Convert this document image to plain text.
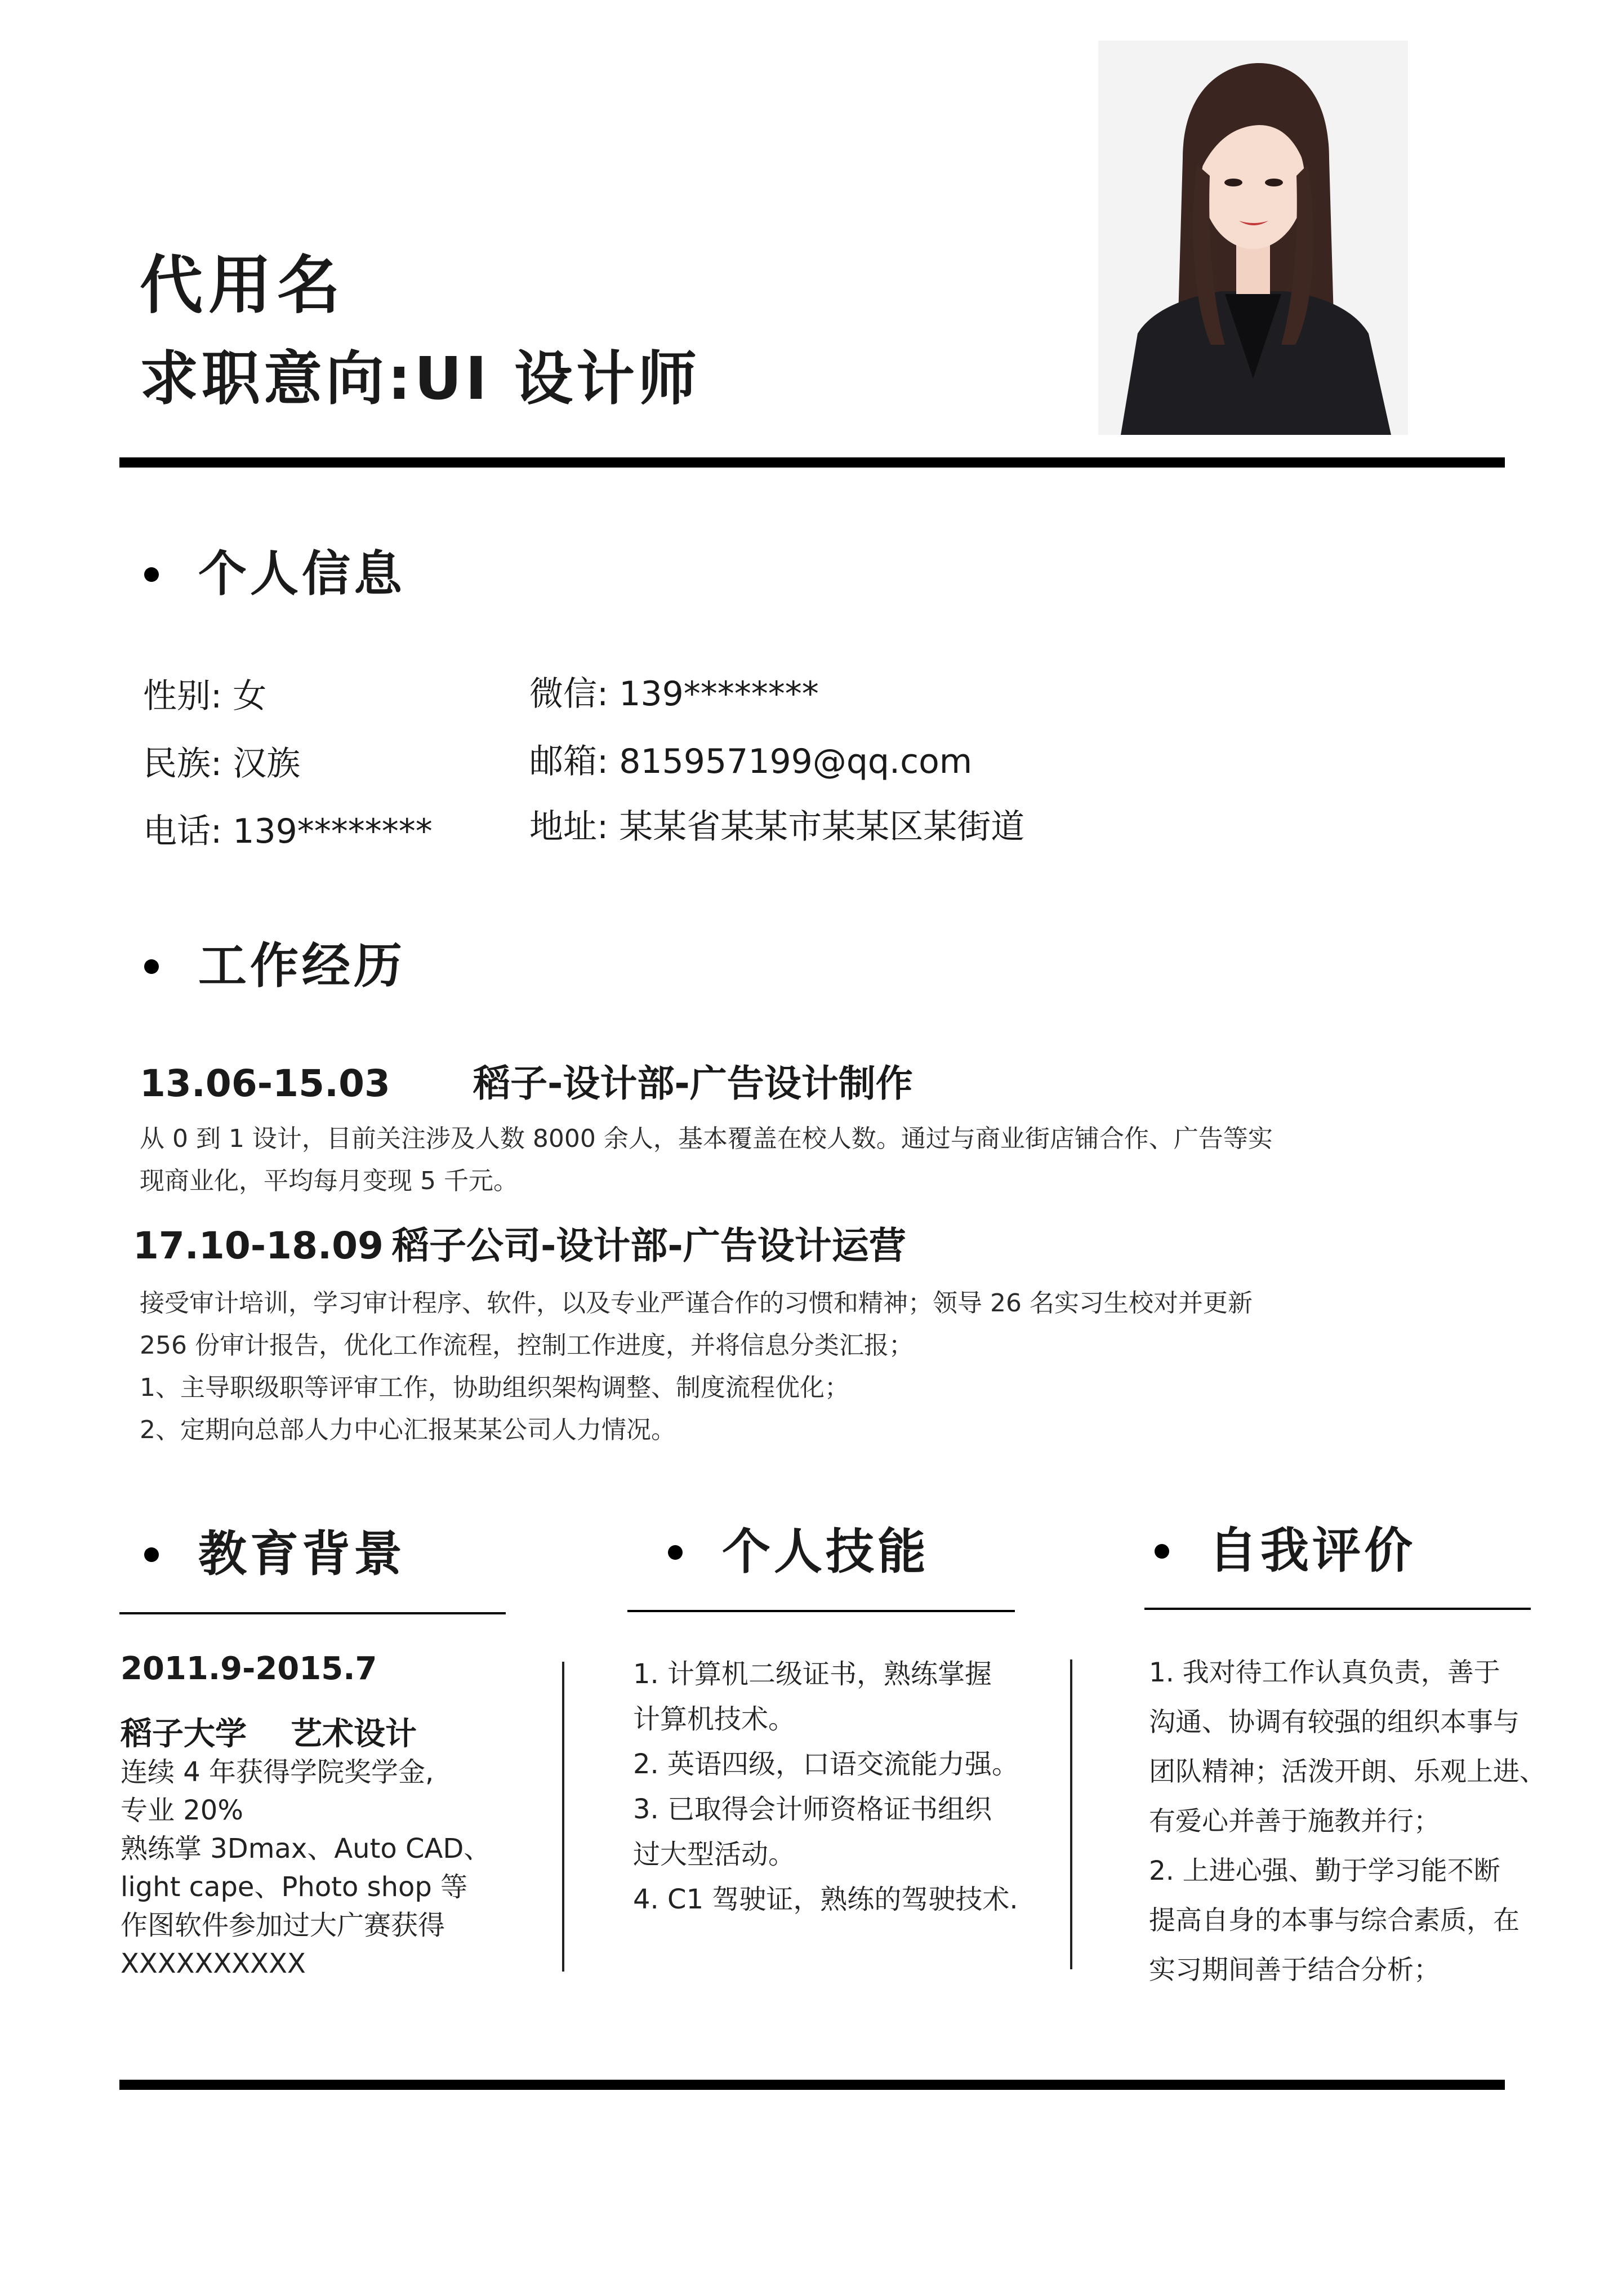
代用名
求职意向:UI 设计师
个人信息
性别: 女
民族: 汉族
电话: 139********
微信: 139********
邮箱: 815957199@qq.com
地址: 某某省某某市某某区某街道
工作经历
13.06-15.03 稻子-设计部-广告设计制作
从 0 到 1 设计，目前关注涉及人数 8000 余人，基本覆盖在校人数。通过与商业街店铺合作、广告等实
现商业化，平均每月变现 5 千元。
17.10-18.09 稻子公司-设计部-广告设计运营
接受审计培训，学习审计程序、软件，以及专业严谨合作的习惯和精神；领导 26 名实习生校对并更新
256 份审计报告，优化工作流程，控制工作进度，并将信息分类汇报；
1、主导职级职等评审工作，协助组织架构调整、制度流程优化；
2、定期向总部人力中心汇报某某公司人力情况。
教育背景
2011.9-2015.7
稻子大学    艺术设计
连续 4 年获得学院奖学金,
专业 20%
熟练掌 3Dmax、Auto CAD、
light cape、Photo shop 等
作图软件参加过大广赛获得
XXXXXXXXXX
个人技能
1. 计算机二级证书，熟练掌握
计算机技术。
2. 英语四级，口语交流能力强。
3. 已取得会计师资格证书组织
过大型活动。
4. C1 驾驶证，熟练的驾驶技术.
自我评价
1. 我对待工作认真负责，善于
沟通、协调有较强的组织本事与
团队精神；活泼开朗、乐观上进、
有爱心并善于施教并行；
2. 上进心强、勤于学习能不断
提高自身的本事与综合素质，在
实习期间善于结合分析；
